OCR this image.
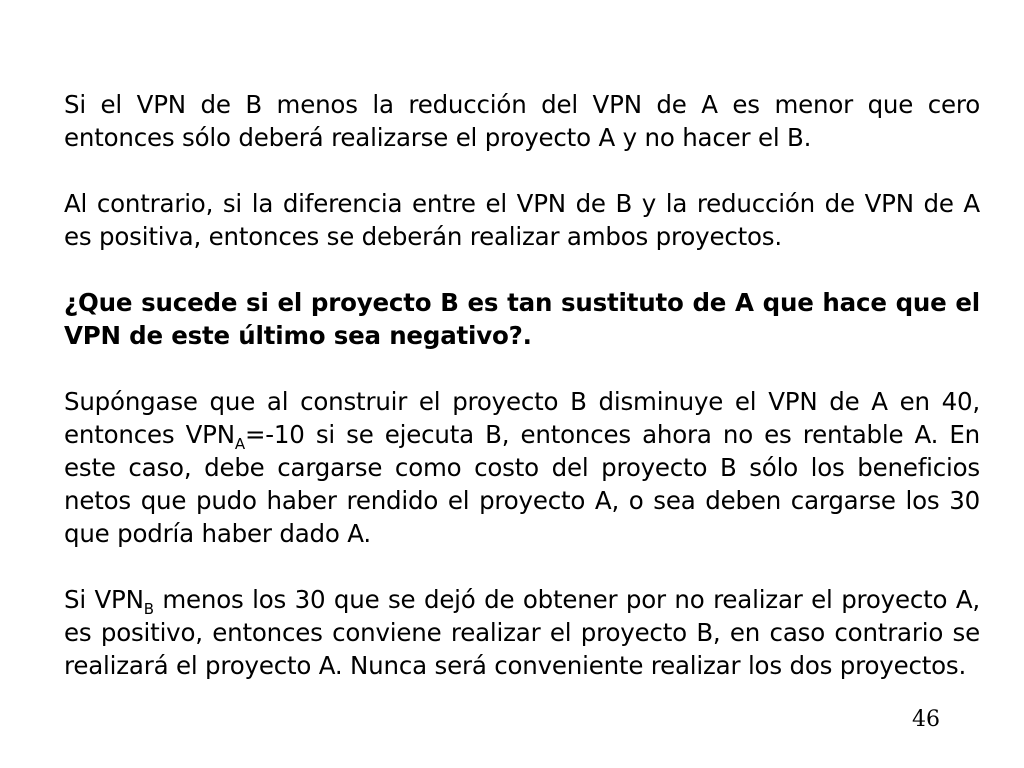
Si el VPN de B menos la reducción del VPN de A es menor que cero entonces sólo deberá realizarse el proyecto A y no hacer el B.

Al contrario, si la diferencia entre el VPN de B y la reducción de VPN de A es positiva, entonces se deberán realizar ambos proyectos.

¿Que sucede si el proyecto B es tan sustituto de A que hace que el VPN de este último sea negativo?.

Supóngase que al construir el proyecto B disminuye el VPN de A en 40, entonces $VPN_A=-10$ si se ejecuta B, entonces ahora no es rentable A. En este caso, debe cargarse como costo del proyecto B sólo los beneficios netos que pudo haber rendido el proyecto A, o sea deben cargarse los 30 que podría haber dado A.

Si $VPN_B$ menos los 30 que se dejó de obtener por no realizar el proyecto A, es positivo, entonces conviene realizar el proyecto B, en caso contrario se realizará el proyecto A. Nunca será conveniente realizar los dos proyectos.

46
